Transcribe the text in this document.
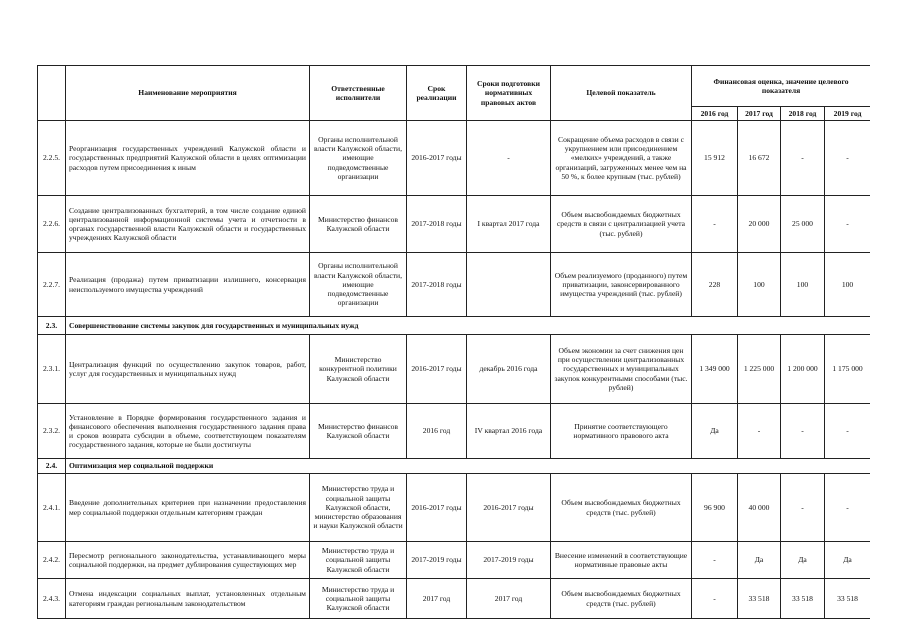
	Наименование мероприятия	Ответственные исполнители	Срок реализации	Сроки подготовки нормативных правовых актов	Целевой показатель	Финансовая оценка, значение целевого показателя			
						2016 год	2017 год	2018 год	2019 год
2.2.5.	Реорганизация государственных учреждений Калужской области и государственных предприятий Калужской области в целях оптимизации расходов путем присоединения к иным	Органы исполнительной власти Калужской области, имеющие подведомственные организации	2016-2017 годы	-	Сокращение объема расходов в связи с укрупнением или присоединением «мелких» учреждений, а также организаций, загруженных менее чем на 50 %, к более крупным (тыс. рублей)	15 912	16 672	-	-
2.2.6.	Создание централизованных бухгалтерий, в том числе создание единой централизованной информационной системы учета и отчетности в органах государственной власти Калужской области и государственных учреждениях Калужской области	Министерство финансов Калужской области	2017-2018 годы	I квартал 2017 года	Объем высвобождаемых бюджетных средств в связи с централизацией учета (тыс. рублей)	-	20 000	25 000	-
2.2.7.	Реализация (продажа) путем приватизации излишнего, консервация неиспользуемого имущества учреждений	Органы исполнительной власти Калужской области, имеющие подведомственные организации	2017-2018 годы		Объем реализуемого (проданного) путем приватизации, законсервированного имущества учреждений (тыс. рублей)	228	100	100	100
2.3.	Совершенствование системы закупок для государственных и муниципальных нужд								
2.3.1.	Централизация функций по осуществлению закупок товаров, работ, услуг для государственных и муниципальных нужд	Министерство конкурентной политики Калужской области	2016-2017 годы	декабрь 2016 года	Объем экономии за счет снижения цен при осуществлении централизованных государственных и муниципальных закупок конкурентными способами (тыс. рублей)	1 349 000	1 225 000	1 200 000	1 175 000
2.3.2.	Установление в Порядке формирования государственного задания и финансового обеспечения выполнения государственного задания права и сроков возврата субсидии в объеме, соответствующем показателям государственного задания, которые не были достигнуты	Министерство финансов Калужской области	2016 год	IV квартал 2016 года	Принятие соответствующего нормативного правового акта	Да	-	-	-
2.4.	Оптимизация мер социальной поддержки								
2.4.1.	Введение дополнительных критериев при назначении предоставления мер социальной поддержки отдельным категориям граждан	Министерство труда и социальной защиты Калужской области, министерство образования и науки Калужской области	2016-2017 годы	2016-2017 годы	Объем высвобождаемых бюджетных средств (тыс. рублей)	96 900	40 000	-	-
2.4.2.	Пересмотр регионального законодательства, устанавливающего меры социальной поддержки, на предмет дублирования существующих мер	Министерство труда и социальной защиты Калужской области	2017-2019 годы	2017-2019 годы	Внесение изменений в соответствующие нормативные правовые акты	-	Да	Да	Да
2.4.3.	Отмена индексации социальных выплат, установленных отдельным категориям граждан региональным законодательством	Министерство труда и социальной защиты Калужской области	2017 год	2017 год	Объем высвобождаемых бюджетных средств (тыс. рублей)	-	33 518	33 518	33 518
